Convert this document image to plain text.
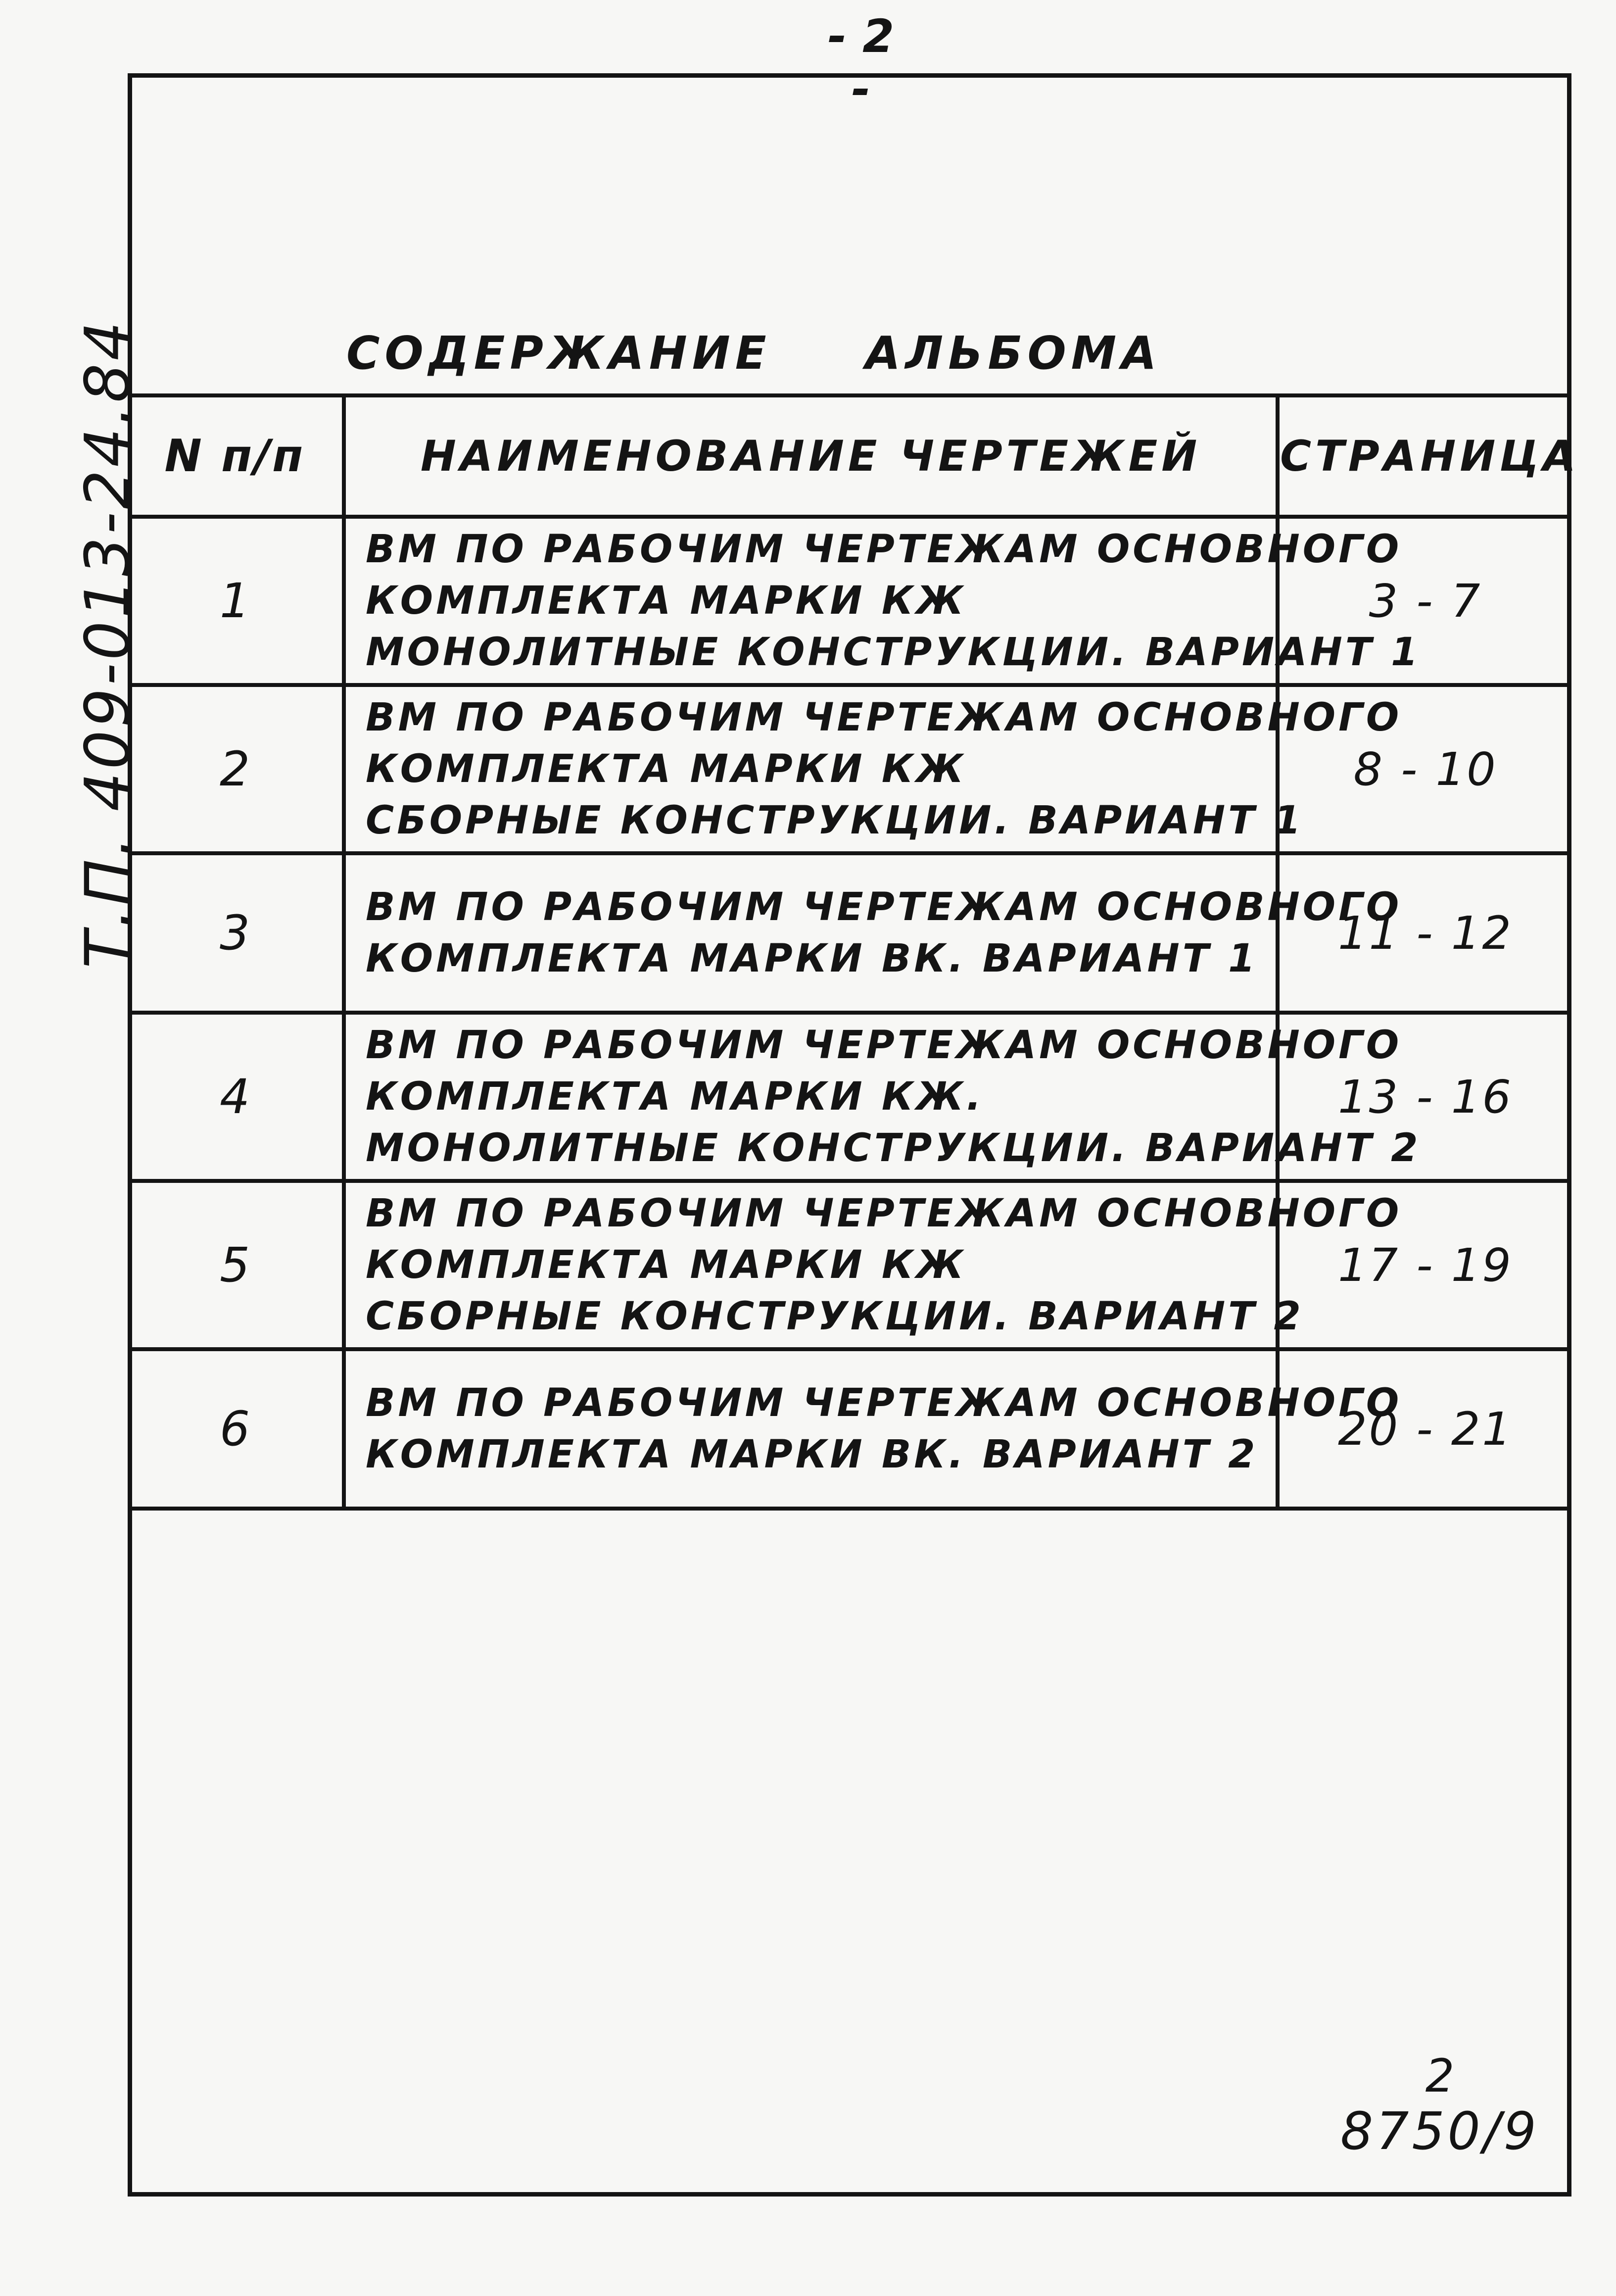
- 2 -
Т.П. 409-013-24.84	СОДЕРЖАНИЕ АЛЬБОМА
N п/п	НАИМЕНОВАНИЕ ЧЕРТЕЖЕЙ	СТРАНИЦА
1	ВМ ПО РАБОЧИМ ЧЕРТЕЖАМ ОСНОВНОГО
КОМПЛЕКТА МАРКИ КЖ
МОНОЛИТНЫЕ КОНСТРУКЦИИ. ВАРИАНТ 1	3 - 7
2	ВМ ПО РАБОЧИМ ЧЕРТЕЖАМ ОСНОВНОГО
КОМПЛЕКТА МАРКИ КЖ
СБОРНЫЕ КОНСТРУКЦИИ. ВАРИАНТ 1	8 - 10
3	ВМ ПО РАБОЧИМ ЧЕРТЕЖАМ ОСНОВНОГО
КОМПЛЕКТА МАРКИ ВК. ВАРИАНТ 1	11 - 12
4	ВМ ПО РАБОЧИМ ЧЕРТЕЖАМ ОСНОВНОГО
КОМПЛЕКТА МАРКИ КЖ.
МОНОЛИТНЫЕ КОНСТРУКЦИИ. ВАРИАНТ 2	13 - 16
5	ВМ ПО РАБОЧИМ ЧЕРТЕЖАМ ОСНОВНОГО
КОМПЛЕКТА МАРКИ КЖ
СБОРНЫЕ КОНСТРУКЦИИ. ВАРИАНТ 2	17 - 19
6	ВМ ПО РАБОЧИМ ЧЕРТЕЖАМ ОСНОВНОГО
КОМПЛЕКТА МАРКИ ВК. ВАРИАНТ 2	20 - 21
2
8750/9
